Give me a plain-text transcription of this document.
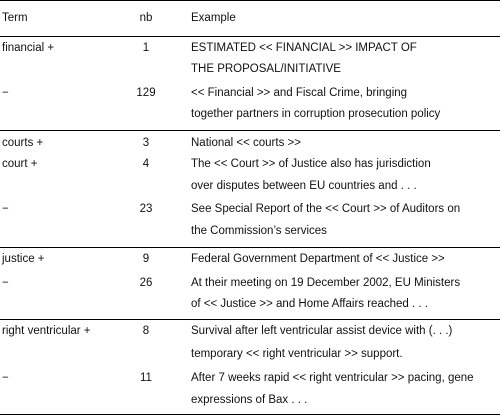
Term	nb	Example
financial +	1	ESTIMATED << FINANCIAL >> IMPACT OF
THE PROPOSAL/INITIATIVE
−	129	<< Financial >> and Fiscal Crime, bringing
together partners in corruption prosecution policy
courts +	3	National << courts >>
court +	4	The << Court >> of Justice also has jurisdiction
over disputes between EU countries and . . .
−	23	See Special Report of the << Court >> of Auditors on
the Commission’s services
justice +	9	Federal Government Department of << Justice >>
−	26	At their meeting on 19 December 2002, EU Ministers
of << Justice >> and Home Affairs reached . . .
right ventricular +	8	Survival after left ventricular assist device with (. . .)
temporary << right ventricular >> support.
−	11	After 7 weeks rapid << right ventricular >> pacing, gene
expressions of Bax . . .
